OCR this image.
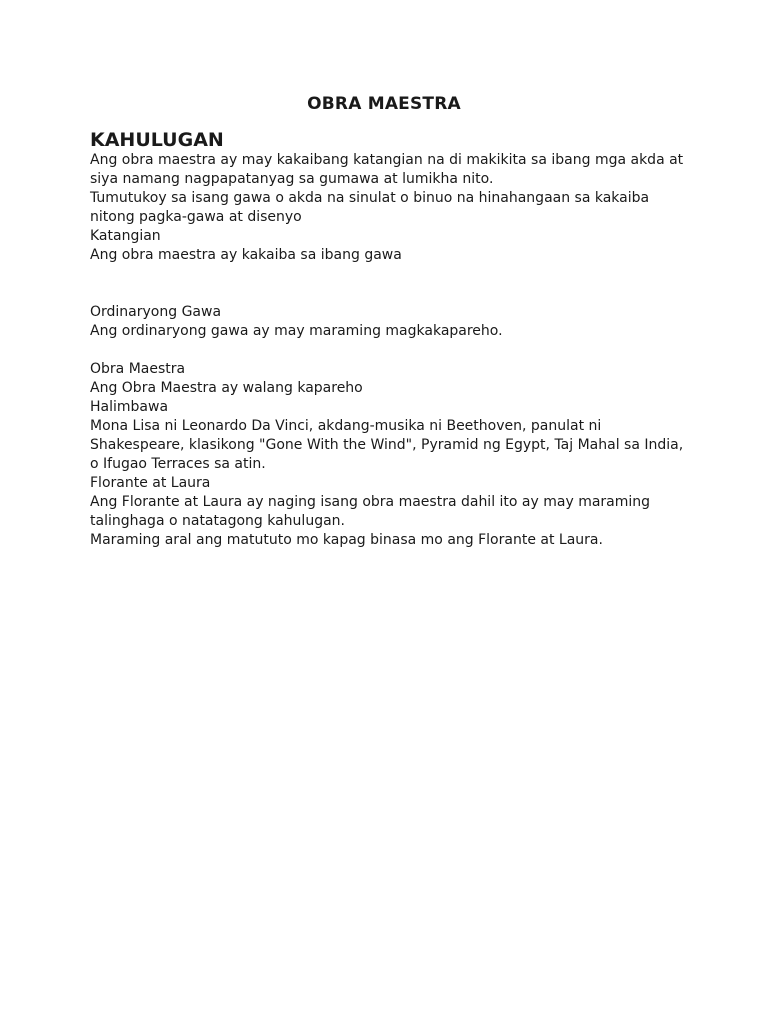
OBRA MAESTRA
KAHULUGAN
Ang obra maestra ay may kakaibang katangian na di makikita sa ibang mga akda at
siya namang nagpapatanyag sa gumawa at lumikha nito.
Tumutukoy sa isang gawa o akda na sinulat o binuo na hinahangaan sa kakaiba
nitong pagka-gawa at disenyo
Katangian
Ang obra maestra ay kakaiba sa ibang gawa
Ordinaryong Gawa
Ang ordinaryong gawa ay may maraming magkakapareho.
Obra Maestra
Ang Obra Maestra ay walang kapareho
Halimbawa
Mona Lisa ni Leonardo Da Vinci, akdang-musika ni Beethoven, panulat ni
Shakespeare, klasikong "Gone With the Wind", Pyramid ng Egypt, Taj Mahal sa India,
o Ifugao Terraces sa atin.
Florante at Laura
Ang Florante at Laura ay naging isang obra maestra dahil ito ay may maraming
talinghaga o natatagong kahulugan.
Maraming aral ang matututo mo kapag binasa mo ang Florante at Laura.
